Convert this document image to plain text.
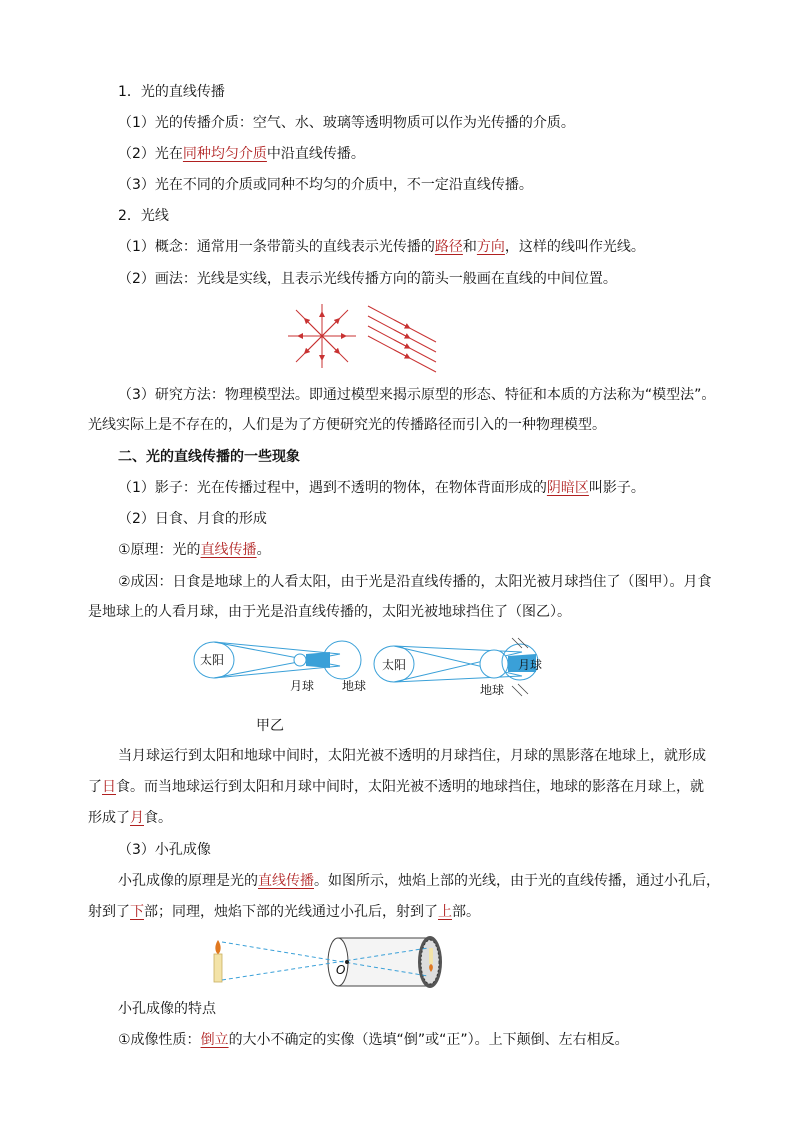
1．光的直线传播
（1）光的传播介质：空气、水、玻璃等透明物质可以作为光传播的介质。
（2）光在同种均匀介质中沿直线传播。
（3）光在不同的介质或同种不均匀的介质中，不一定沿直线传播。
2．光线
（1）概念：通常用一条带箭头的直线表示光传播的路径和方向，这样的线叫作光线。
（2）画法：光线是实线，且表示光线传播方向的箭头一般画在直线的中间位置。
（3）研究方法：物理模型法。即通过模型来揭示原型的形态、特征和本质的方法称为“模型法”。
光线实际上是不存在的，人们是为了方便研究光的传播路径而引入的一种物理模型。
二、光的直线传播的一些现象
（1）影子：光在传播过程中，遇到不透明的物体，在物体背面形成的阴暗区叫影子。
（2）日食、月食的形成
①原理：光的直线传播。
②成因：日食是地球上的人看太阳，由于光是沿直线传播的，太阳光被月球挡住了（图甲）。月食
是地球上的人看月球，由于光是沿直线传播的，太阳光被地球挡住了（图乙）。
太阳
月球 地球
太阳	月球
地球
甲乙
当月球运行到太阳和地球中间时，太阳光被不透明的月球挡住，月球的黑影落在地球上，就形成
了日食。而当地球运行到太阳和月球中间时，太阳光被不透明的地球挡住，地球的影落在月球上，就
形成了月食。
（3）小孔成像
小孔成像的原理是光的直线传播。如图所示，烛焰上部的光线，由于光的直线传播，通过小孔后，
射到了下部；同理，烛焰下部的光线通过小孔后，射到了上部。
O
小孔成像的特点
①成像性质：倒立的大小不确定的实像（选填“倒”或“正”）。上下颠倒、左右相反。
